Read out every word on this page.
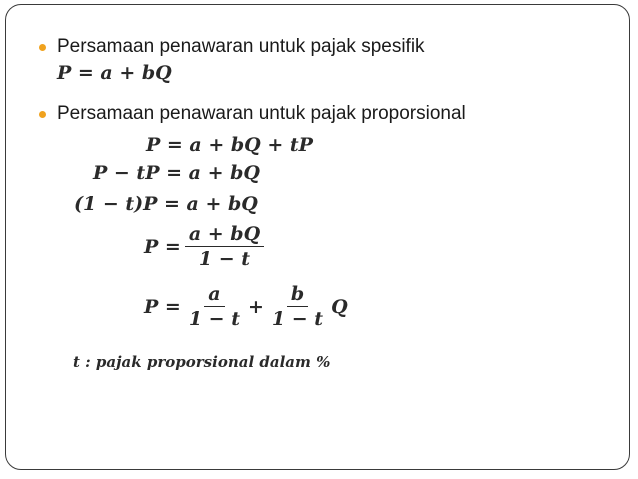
Persamaan penawaran untuk pajak spesifik
P = a + bQ
Persamaan penawaran untuk pajak proporsional
P = a + bQ + tP
P − tP = a + bQ
(1 − t)P = a + bQ
$P = \frac{a + bQ}{1 - t}$
$P = \frac{a}{1 - t} + \frac{b}{1 - t}$ Q
t : pajak proporsional dalam %
